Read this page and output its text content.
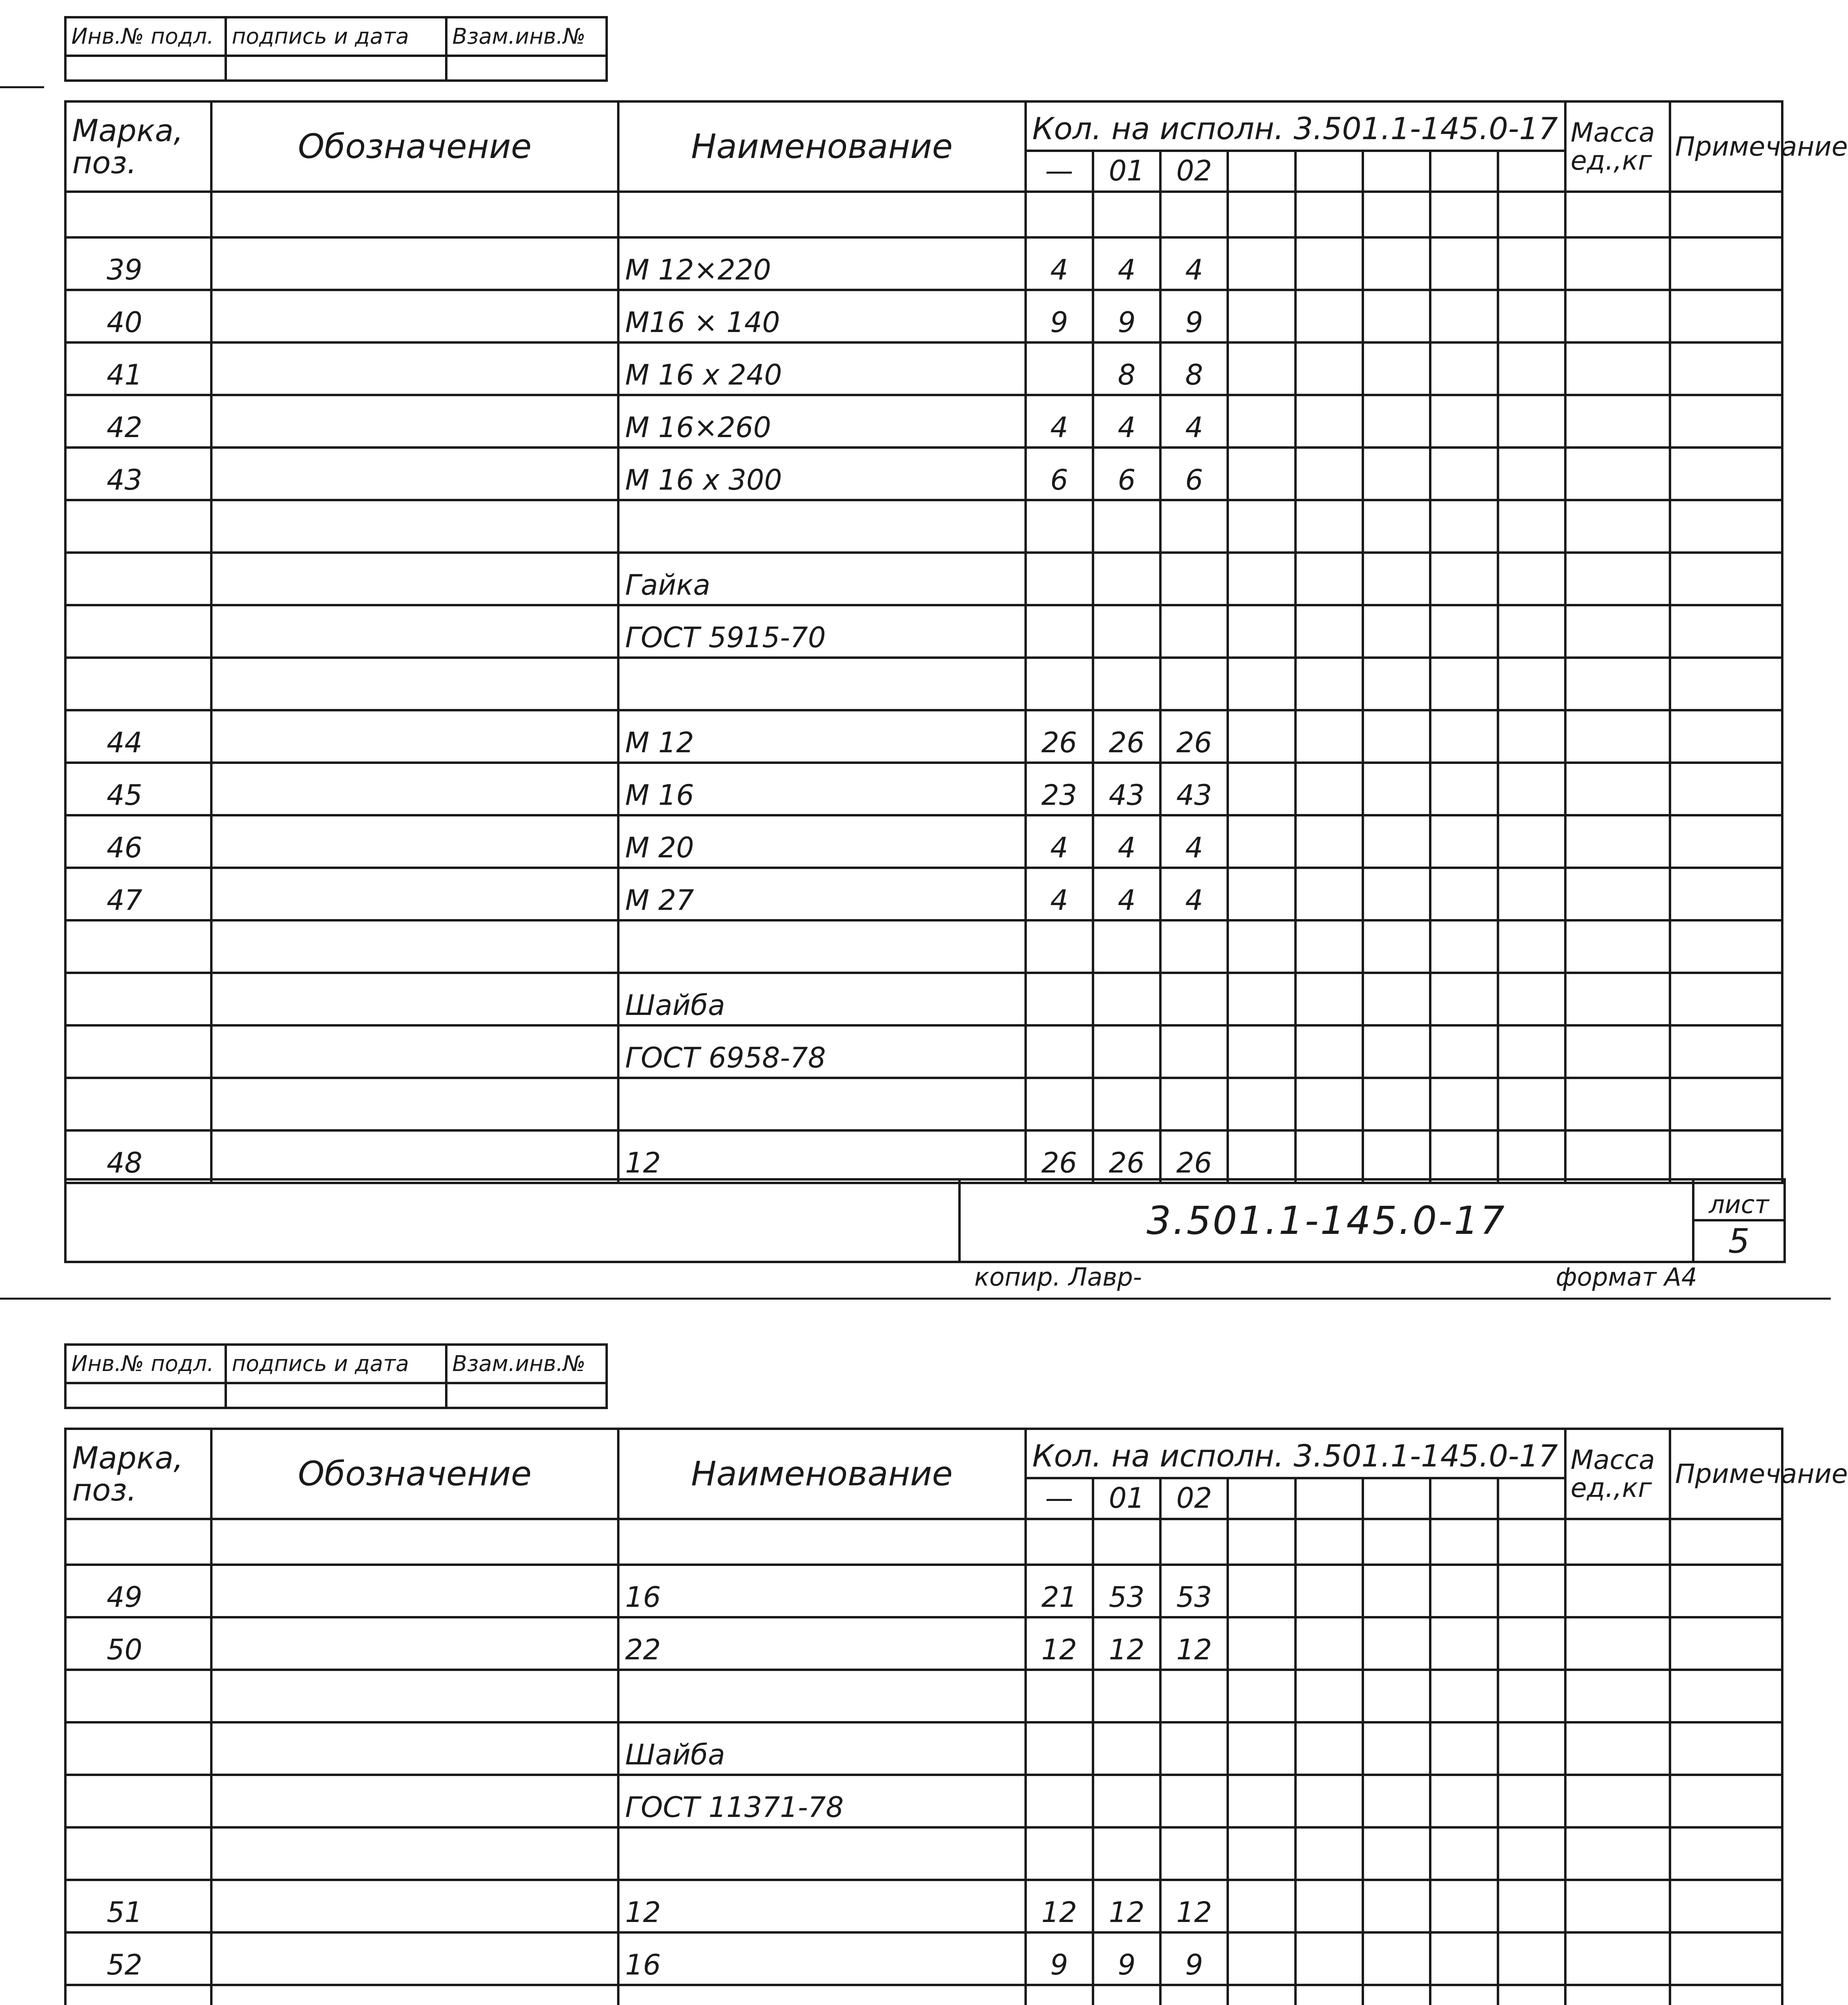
Инв.№ подл.	подпись и дата	Взам.инв.№

Марка, поз.	Обозначение	Наименование	Кол. на исполн. 3.501.1-145.0-17								Масса ед.,кг	Примечание
			—	01	02							

39		М 12×220	4	4	4							
40		М16 × 140	9	9	9							
41		М 16 х 240		8	8							
42		М 16×260	4	4	4							
43		М 16 х 300	6	6	6							

		Гайка										
		ГОСТ 5915-70										

44		М 12	26	26	26							
45		М 16	23	43	43							
46		М 20	4	4	4							
47		М 27	4	4	4							

		Шайба										
		ГОСТ 6958-78										

48		12	26	26	26							
	3.501.1-145.0-17	лист
5
копир. Лавр-	формат А4
Инв.№ подл.	подпись и дата	Взам.инв.№

Марка, поз.	Обозначение	Наименование	Кол. на исполн. 3.501.1-145.0-17								Масса ед.,кг	Примечание
			—	01	02							

49		16	21	53	53							
50		22	12	12	12							

		Шайба										
		ГОСТ 11371-78										

51		12	12	12	12							
52		16	9	9	9							
